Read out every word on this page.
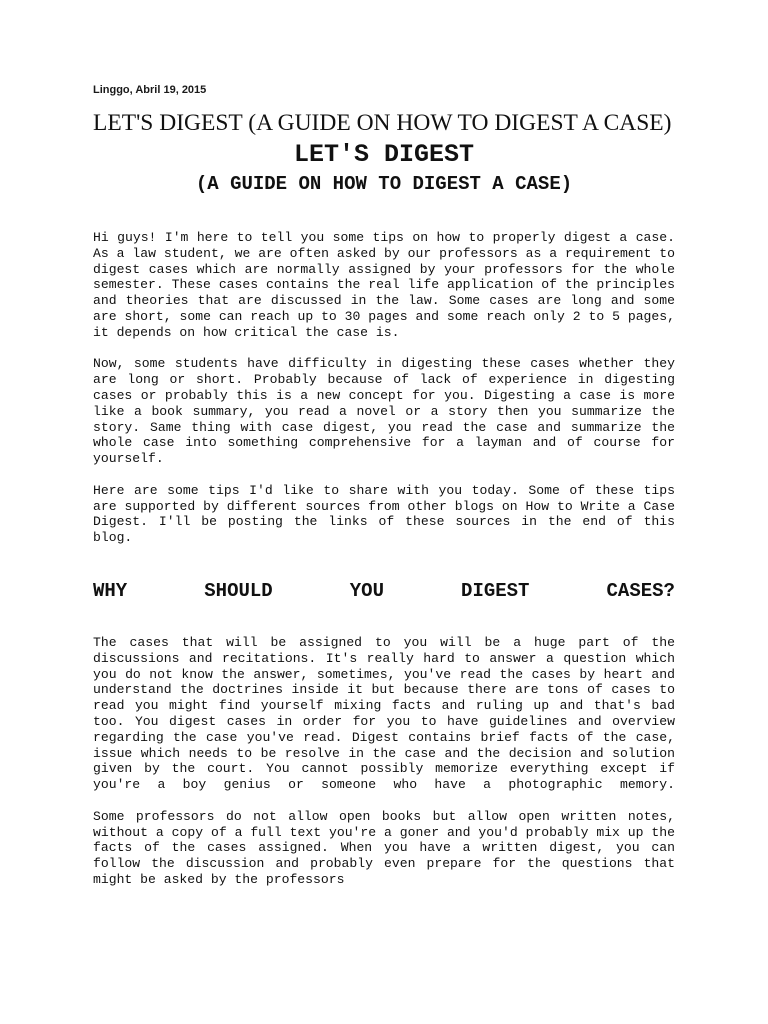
Linggo, Abril 19, 2015
LET'S DIGEST (A GUIDE ON HOW TO DIGEST A CASE)
LET'S DIGEST
(A GUIDE ON HOW TO DIGEST A CASE)

Hi guys! I'm here to tell you some tips on how to properly digest a case. As a law student, we are often asked by our professors as a requirement to digest cases which are normally assigned by your professors for the whole semester. These cases contains the real life application of the principles and theories that are discussed in the law. Some cases are long and some are short, some can reach up to 30 pages and some reach only 2 to 5 pages, it depends on how critical the case is.

Now, some students have difficulty in digesting these cases whether they are long or short. Probably because of lack of experience in digesting cases or probably this is a new concept for you. Digesting a case is more like a book summary, you read a novel or a story then you summarize the story. Same thing with case digest, you read the case and summarize the whole case into something comprehensive for a layman and of course for yourself.

Here are some tips I'd like to share with you today. Some of these tips are supported by different sources from other blogs on How to Write a Case Digest. I'll be posting the links of these sources in the end of this blog.

WHY	SHOULD	YOU	DIGEST	CASES?

The cases that will be assigned to you will be a huge part of the discussions and recitations. It's really hard to answer a question which you do not know the answer, sometimes, you've read the cases by heart and understand the doctrines inside it but because there are tons of cases to read you might find yourself mixing facts and ruling up and that's bad too. You digest cases in order for you to have guidelines and overview regarding the case you've read. Digest contains brief facts of the case, issue which needs to be resolve in the case and the decision and solution given by the court. You cannot possibly memorize everything except if you're a boy genius or someone who have a photographic memory.

Some professors do not allow open books but allow open written notes, without a copy of a full text you're a goner and you'd probably mix up the facts of the cases assigned. When you have a written digest, you can follow the discussion and probably even prepare for the questions that might be asked by the professors
